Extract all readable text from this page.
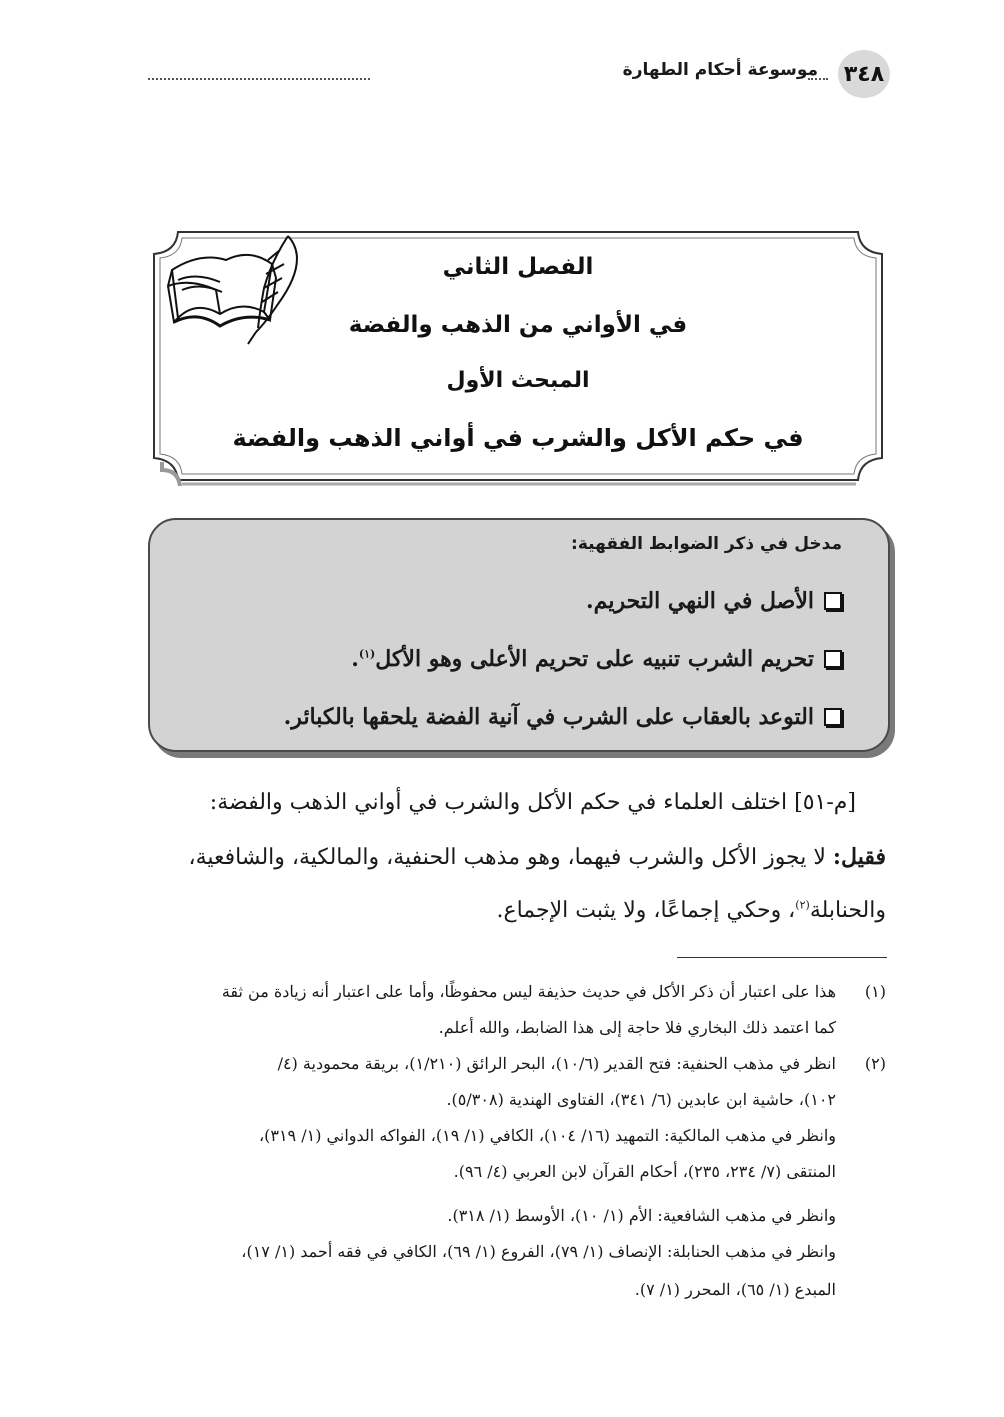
٣٤٨
موسوعة أحكام الطهارة
الفصل الثاني
في الأواني من الذهب والفضة
المبحث الأول
في حكم الأكل والشرب في أواني الذهب والفضة
مدخل في ذكر الضوابط الفقهية:
الأصل في النهي التحريم.
تحريم الشرب تنبيه على تحريم الأعلى وهو الأكل$^{(١)}$.
التوعد بالعقاب على الشرب في آنية الفضة يلحقها بالكبائر.
[م-٥١] اختلف العلماء في حكم الأكل والشرب في أواني الذهب والفضة:
فقيل: لا يجوز الأكل والشرب فيهما، وهو مذهب الحنفية، والمالكية، والشافعية،
والحنابلة$^{(٢)}$، وحكي إجماعًا، ولا يثبت الإجماع.
(١)
هذا على اعتبار أن ذكر الأكل في حديث حذيفة ليس محفوظًا، وأما على اعتبار أنه زيادة من ثقة
كما اعتمد ذلك البخاري فلا حاجة إلى هذا الضابط، والله أعلم.
(٢)
انظر في مذهب الحنفية: فتح القدير (١٠/٦)، البحر الرائق (١/٢١٠)، بريقة محمودية (٤/
١٠٢)، حاشية ابن عابدين (٦/ ٣٤١)، الفتاوى الهندية (٥/٣٠٨).
وانظر في مذهب المالكية: التمهيد (١٦/ ١٠٤)، الكافي (١/ ١٩)، الفواكه الدواني (١/ ٣١٩)،
المنتقى (٧/ ٢٣٤، ٢٣٥)، أحكام القرآن لابن العربي (٤/ ٩٦).
وانظر في مذهب الشافعية: الأم (١/ ١٠)، الأوسط (١/ ٣١٨).
وانظر في مذهب الحنابلة: الإنصاف (١/ ٧٩)، الفروع (١/ ٦٩)، الكافي في فقه أحمد (١/ ١٧)،
المبدع (١/ ٦٥)، المحرر (١/ ٧).
